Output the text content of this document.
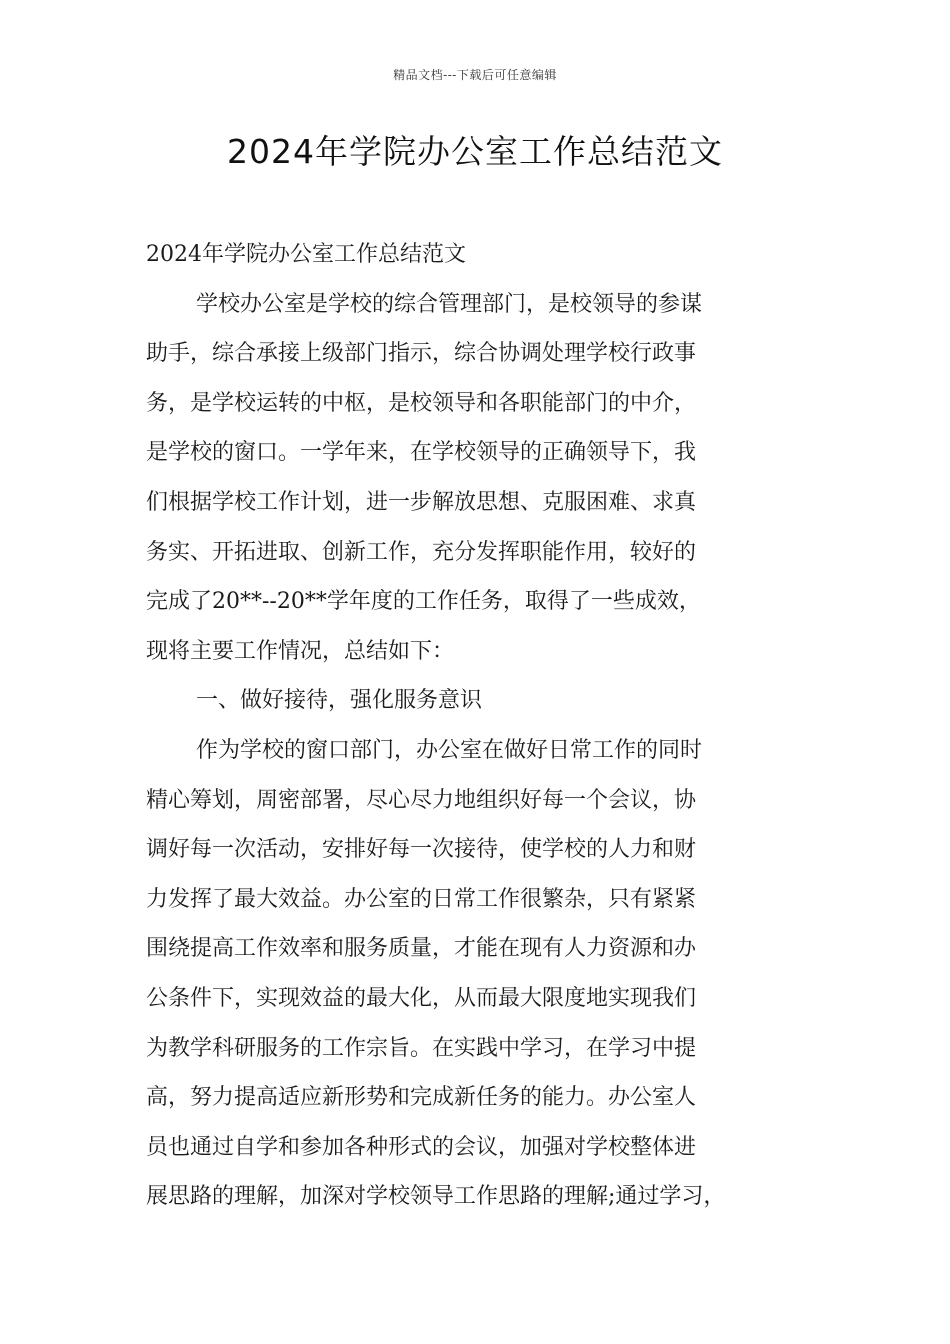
精品文档---下载后可任意编辑
2024年学院办公室工作总结范文
2024年学院办公室工作总结范文
学校办公室是学校的综合管理部门，是校领导的参谋
助手，综合承接上级部门指示，综合协调处理学校行政事
务，是学校运转的中枢，是校领导和各职能部门的中介，
是学校的窗口。一学年来，在学校领导的正确领导下，我
们根据学校工作计划，进一步解放思想、克服困难、求真
务实、开拓进取、创新工作，充分发挥职能作用，较好的
完成了20**--20**学年度的工作任务，取得了一些成效，
现将主要工作情况，总结如下：
一、做好接待，强化服务意识
作为学校的窗口部门，办公室在做好日常工作的同时
精心筹划，周密部署，尽心尽力地组织好每一个会议，协
调好每一次活动，安排好每一次接待，使学校的人力和财
力发挥了最大效益。办公室的日常工作很繁杂，只有紧紧
围绕提高工作效率和服务质量，才能在现有人力资源和办
公条件下，实现效益的最大化，从而最大限度地实现我们
为教学科研服务的工作宗旨。在实践中学习，在学习中提
高，努力提高适应新形势和完成新任务的能力。办公室人
员也通过自学和参加各种形式的会议，加强对学校整体进
展思路的理解，加深对学校领导工作思路的理解;通过学习，
